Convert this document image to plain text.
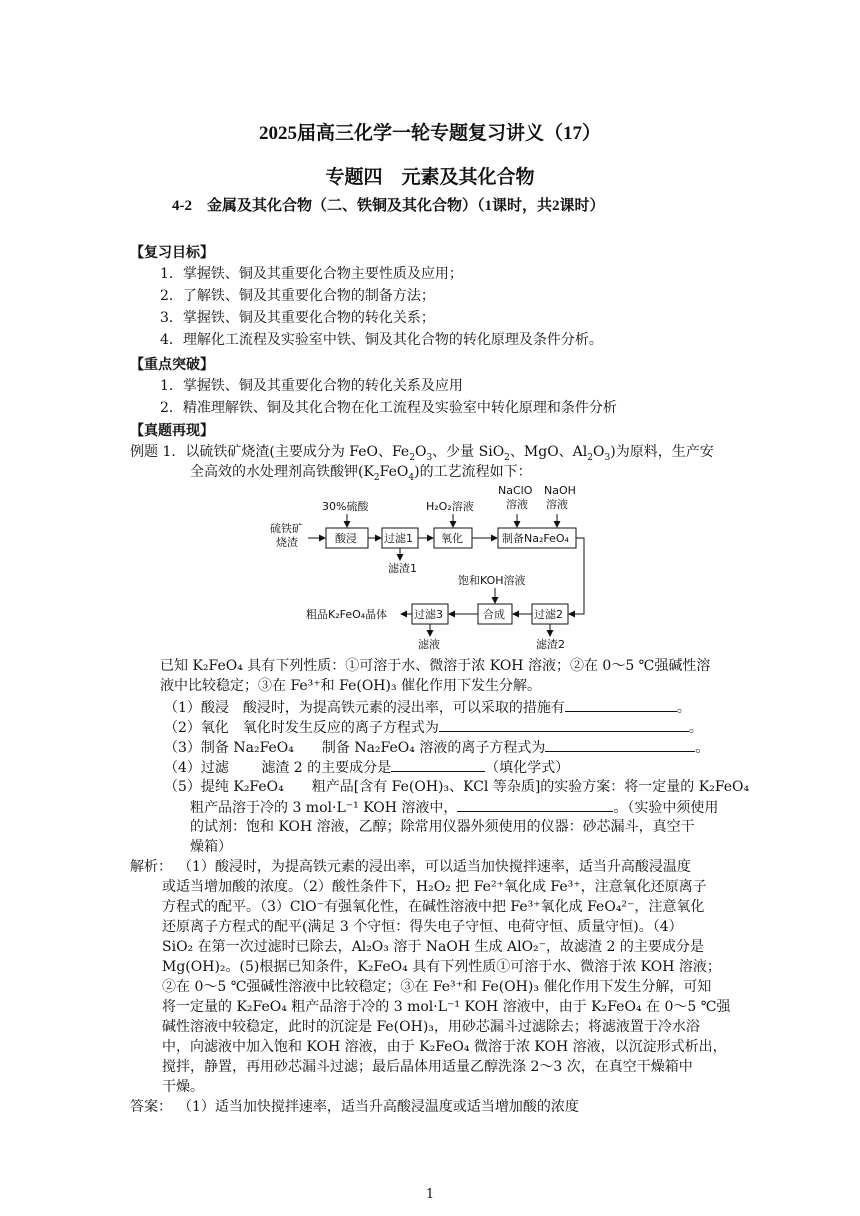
2025届高三化学一轮专题复习讲义（17）
专题四　元素及其化合物
4-2　金属及其化合物（二、铁铜及其化合物）（1课时，共2课时）
【复习目标】
1．掌握铁、铜及其重要化合物主要性质及应用；
2．了解铁、铜及其重要化合物的制备方法；
3．掌握铁、铜及其重要化合物的转化关系；
4．理解化工流程及实验室中铁、铜及其化合物的转化原理及条件分析。
【重点突破】
1．掌握铁、铜及其重要化合物的转化关系及应用
2．精准理解铁、铜及其化合物在化工流程及实验室中转化原理和条件分析
【真题再现】
例题 1．以硫铁矿烧渣(主要成分为 FeO、$Fe_2O_3$、少量 SiO$_2$、MgO、$Al_2O_3$)为原料，生产安
全高效的水处理剂高铁酸钾$(K_2FeO_4)$的工艺流程如下：
硫铁矿
烧渣
30%硫酸	H₂O₂溶液
NaClO
溶液
NaOH
溶液
酸浸 过滤1	氧化	制备Na₂FeO₄
滤渣1
饱和KOH溶液
粗品K₂FeO₄晶体 过滤3	合成	过滤2
滤液	滤渣2
已知 K₂FeO₄ 具有下列性质：①可溶于水、微溶于浓 KOH 溶液；②在 0～5 ℃强碱性溶
液中比较稳定；③在 Fe³⁺和 Fe(OH)₃ 催化作用下发生分解。
（1）酸浸　酸浸时，为提高铁元素的浸出率，可以采取的措施有	。
（2）氧化　氧化时发生反应的离子方程式为	。
（3）制备 Na₂FeO₄　　制备 Na₂FeO₄ 溶液的离子方程式为	。
（4）过滤　　 滤渣 2 的主要成分是	（填化学式）
（5）提纯 K₂FeO₄　　粗产品[含有 Fe(OH)₃、KCl 等杂质]的实验方案：将一定量的 K₂FeO₄
粗产品溶于冷的 3 mol·L⁻¹ KOH 溶液中，	。（实验中须使用
的试剂：饱和 KOH 溶液，乙醇；除常用仪器外须使用的仪器：砂芯漏斗，真空干
燥箱）
解析： （1）酸浸时，为提高铁元素的浸出率，可以适当加快搅拌速率，适当升高酸浸温度
或适当增加酸的浓度。（2）酸性条件下，H₂O₂ 把 Fe²⁺氧化成 Fe³⁺，注意氧化还原离子
方程式的配平。（3）ClO⁻有强氧化性，在碱性溶液中把 Fe³⁺氧化成 FeO₄²⁻，注意氧化
还原离子方程式的配平(满足 3 个守恒：得失电子守恒、电荷守恒、质量守恒)。（4）
SiO₂ 在第一次过滤时已除去，Al₂O₃ 溶于 NaOH 生成 AlO₂⁻，故滤渣 2 的主要成分是
Mg(OH)₂。(5)根据已知条件，K₂FeO₄ 具有下列性质①可溶于水、微溶于浓 KOH 溶液；
②在 0～5 ℃强碱性溶液中比较稳定；③在 Fe³⁺和 Fe(OH)₃ 催化作用下发生分解，可知
将一定量的 K₂FeO₄ 粗产品溶于冷的 3 mol·L⁻¹ KOH 溶液中，由于 K₂FeO₄ 在 0～5 ℃强
碱性溶液中较稳定，此时的沉淀是 Fe(OH)₃，用砂芯漏斗过滤除去；将滤液置于冷水浴
中，向滤液中加入饱和 KOH 溶液，由于 K₂FeO₄ 微溶于浓 KOH 溶液，以沉淀形式析出，
搅拌，静置，再用砂芯漏斗过滤；最后晶体用适量乙醇洗涤 2～3 次，在真空干燥箱中
干燥。
答案： （1）适当加快搅拌速率，适当升高酸浸温度或适当增加酸的浓度
1
